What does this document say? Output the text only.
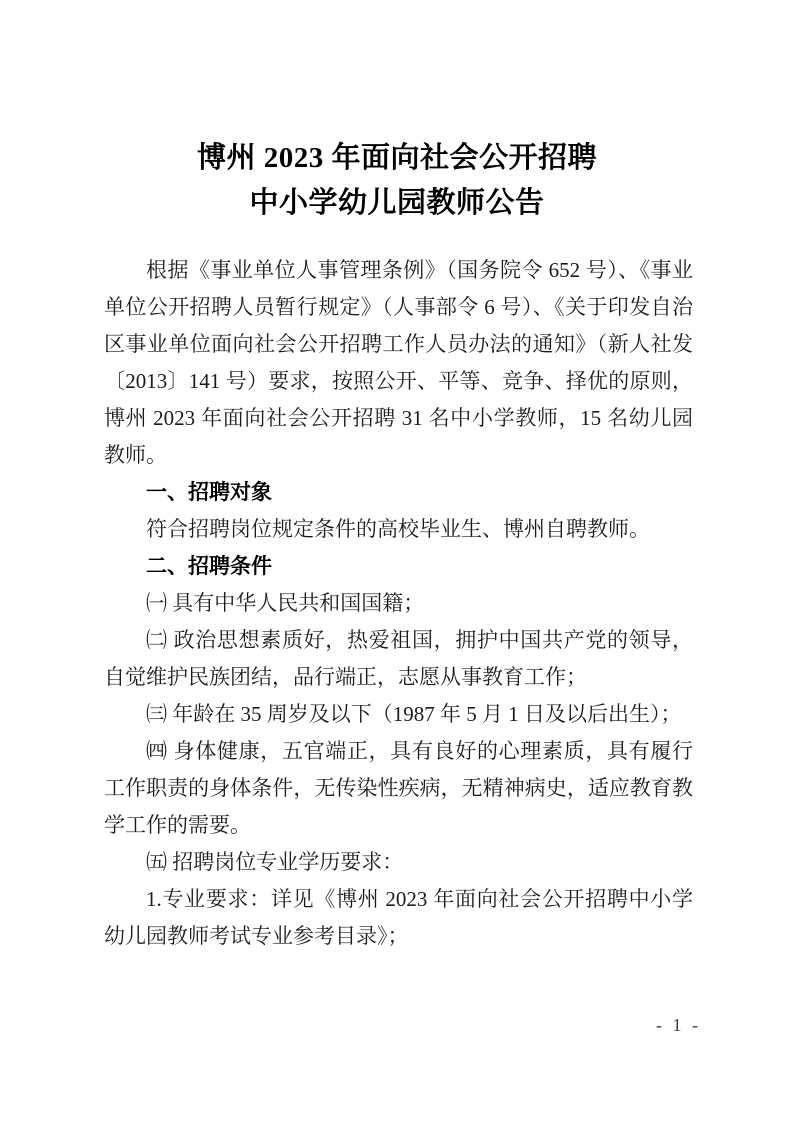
博州 2023 年面向社会公开招聘
中小学幼儿园教师公告

根据《事业单位人事管理条例》（国务院令 652 号）、《事业单位公开招聘人员暂行规定》（人事部令 6 号）、《关于印发自治区事业单位面向社会公开招聘工作人员办法的通知》（新人社发〔2013〕141 号）要求，按照公开、平等、竞争、择优的原则，博州 2023 年面向社会公开招聘 31 名中小学教师，15 名幼儿园教师。

一、招聘对象

符合招聘岗位规定条件的高校毕业生、博州自聘教师。

二、招聘条件

㈠ 具有中华人民共和国国籍；

㈡ 政治思想素质好，热爱祖国，拥护中国共产党的领导，自觉维护民族团结，品行端正，志愿从事教育工作；

㈢ 年龄在 35 周岁及以下（1987 年 5 月 1 日及以后出生）；

㈣ 身体健康，五官端正，具有良好的心理素质，具有履行工作职责的身体条件，无传染性疾病，无精神病史，适应教育教学工作的需要。

㈤ 招聘岗位专业学历要求：

1.专业要求：详见《博州 2023 年面向社会公开招聘中小学幼儿园教师考试专业参考目录》；

- 1 -
